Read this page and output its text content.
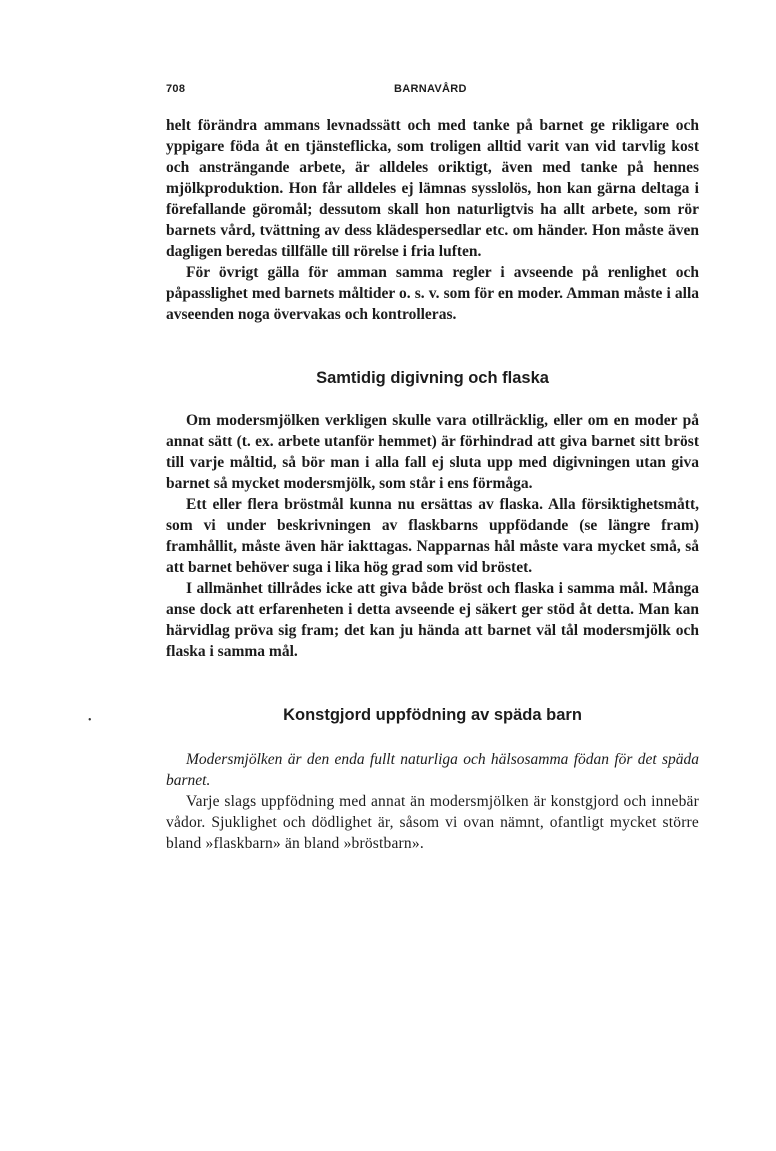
•
708	BARNAVÅRD

helt förändra ammans levnadssätt och med tanke på barnet ge rikligare och yppigare föda åt en tjänsteflicka, som troligen alltid varit van vid tarvlig kost och ansträngande arbete, är alldeles oriktigt, även med tanke på hennes mjölkproduktion. Hon får alldeles ej lämnas sysslolös, hon kan gärna deltaga i förefallande göromål; dessutom skall hon naturligtvis ha allt arbete, som rör barnets vård, tvättning av dess klädespersedlar etc. om händer. Hon måste även dagligen beredas tillfälle till rörelse i fria luften.

För övrigt gälla för amman samma regler i avseende på renlighet och påpasslighet med barnets måltider o. s. v. som för en moder. Amman måste i alla avseenden noga övervakas och kontrolleras.

Samtidig digivning och flaska

Om modersmjölken verkligen skulle vara otillräcklig, eller om en moder på annat sätt (t. ex. arbete utanför hemmet) är förhindrad att giva barnet sitt bröst till varje måltid, så bör man i alla fall ej sluta upp med digivningen utan giva barnet så mycket modersmjölk, som står i ens förmåga.

Ett eller flera bröstmål kunna nu ersättas av flaska. Alla försiktighetsmått, som vi under beskrivningen av flaskbarns uppfödande (se längre fram) framhållit, måste även här iakttagas. Napparnas hål måste vara mycket små, så att barnet behöver suga i lika hög grad som vid bröstet.

I allmänhet tillrådes icke att giva både bröst och flaska i samma mål. Många anse dock att erfarenheten i detta avseende ej säkert ger stöd åt detta. Man kan härvidlag pröva sig fram; det kan ju hända att barnet väl tål modersmjölk och flaska i samma mål.

Konstgjord uppfödning av späda barn

Modersmjölken är den enda fullt naturliga och hälsosamma födan för det späda barnet.

Varje slags uppfödning med annat än modersmjölken är konstgjord och innebär vådor. Sjuklighet och dödlighet är, såsom vi ovan nämnt, ofantligt mycket större bland »flaskbarn» än bland »bröstbarn».
